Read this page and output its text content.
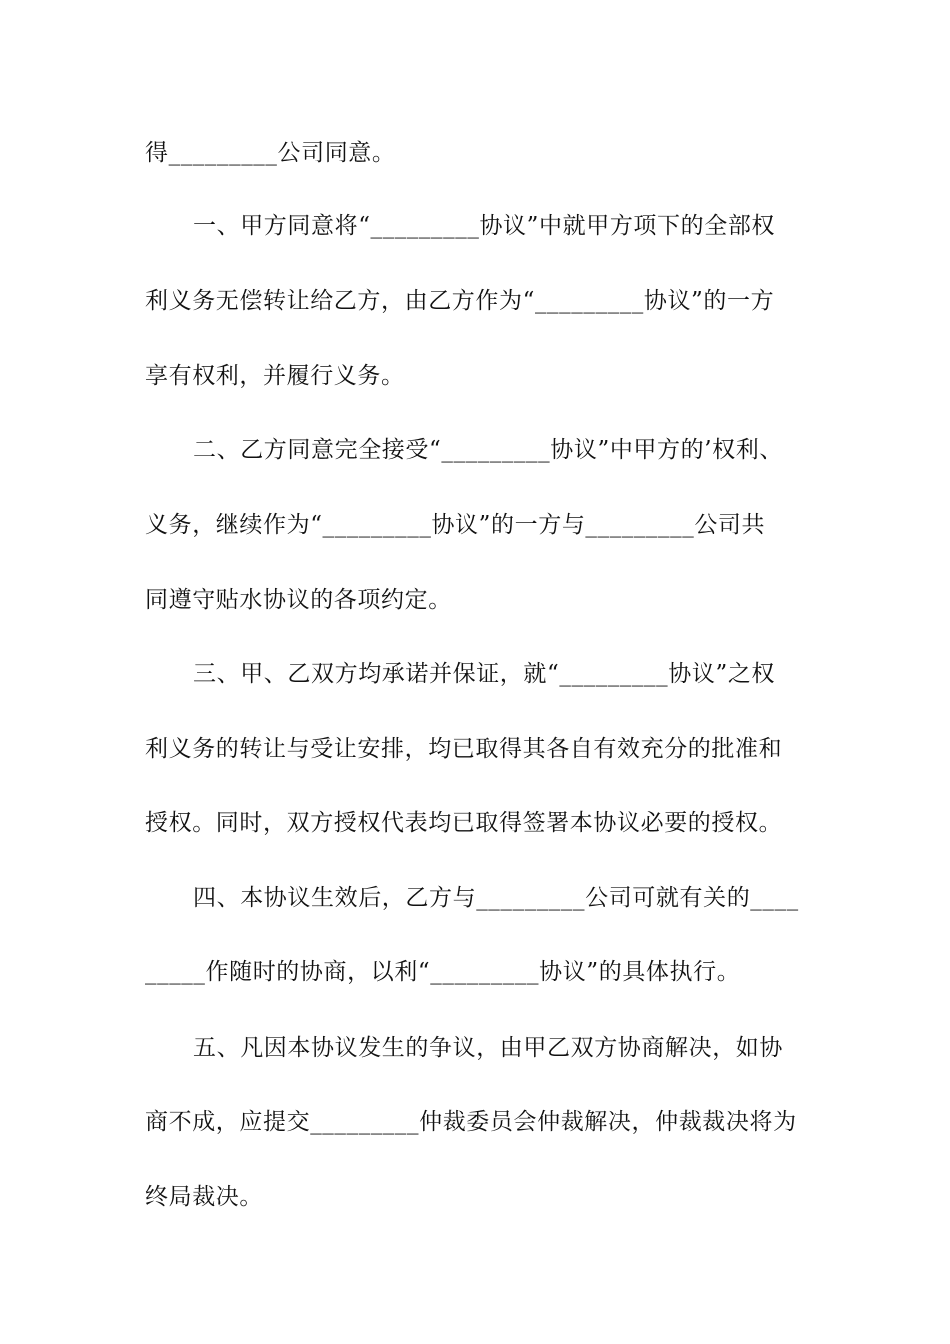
得_________公司同意。
一、甲方同意将“_________协议”中就甲方项下的全部权
利义务无偿转让给乙方，由乙方作为“_________协议”的一方
享有权利，并履行义务。
二、乙方同意完全接受“_________协议”中甲方的’权利、
义务，继续作为“_________协议”的一方与_________公司共
同遵守贴水协议的各项约定。
三、甲、乙双方均承诺并保证，就“_________协议”之权
利义务的转让与受让安排，均已取得其各自有效充分的批准和
授权。同时，双方授权代表均已取得签署本协议必要的授权。
四、本协议生效后，乙方与_________公司可就有关的____
_____作随时的协商，以利“_________协议”的具体执行。
五、凡因本协议发生的争议，由甲乙双方协商解决，如协
商不成，应提交_________仲裁委员会仲裁解决，仲裁裁决将为
终局裁决。
